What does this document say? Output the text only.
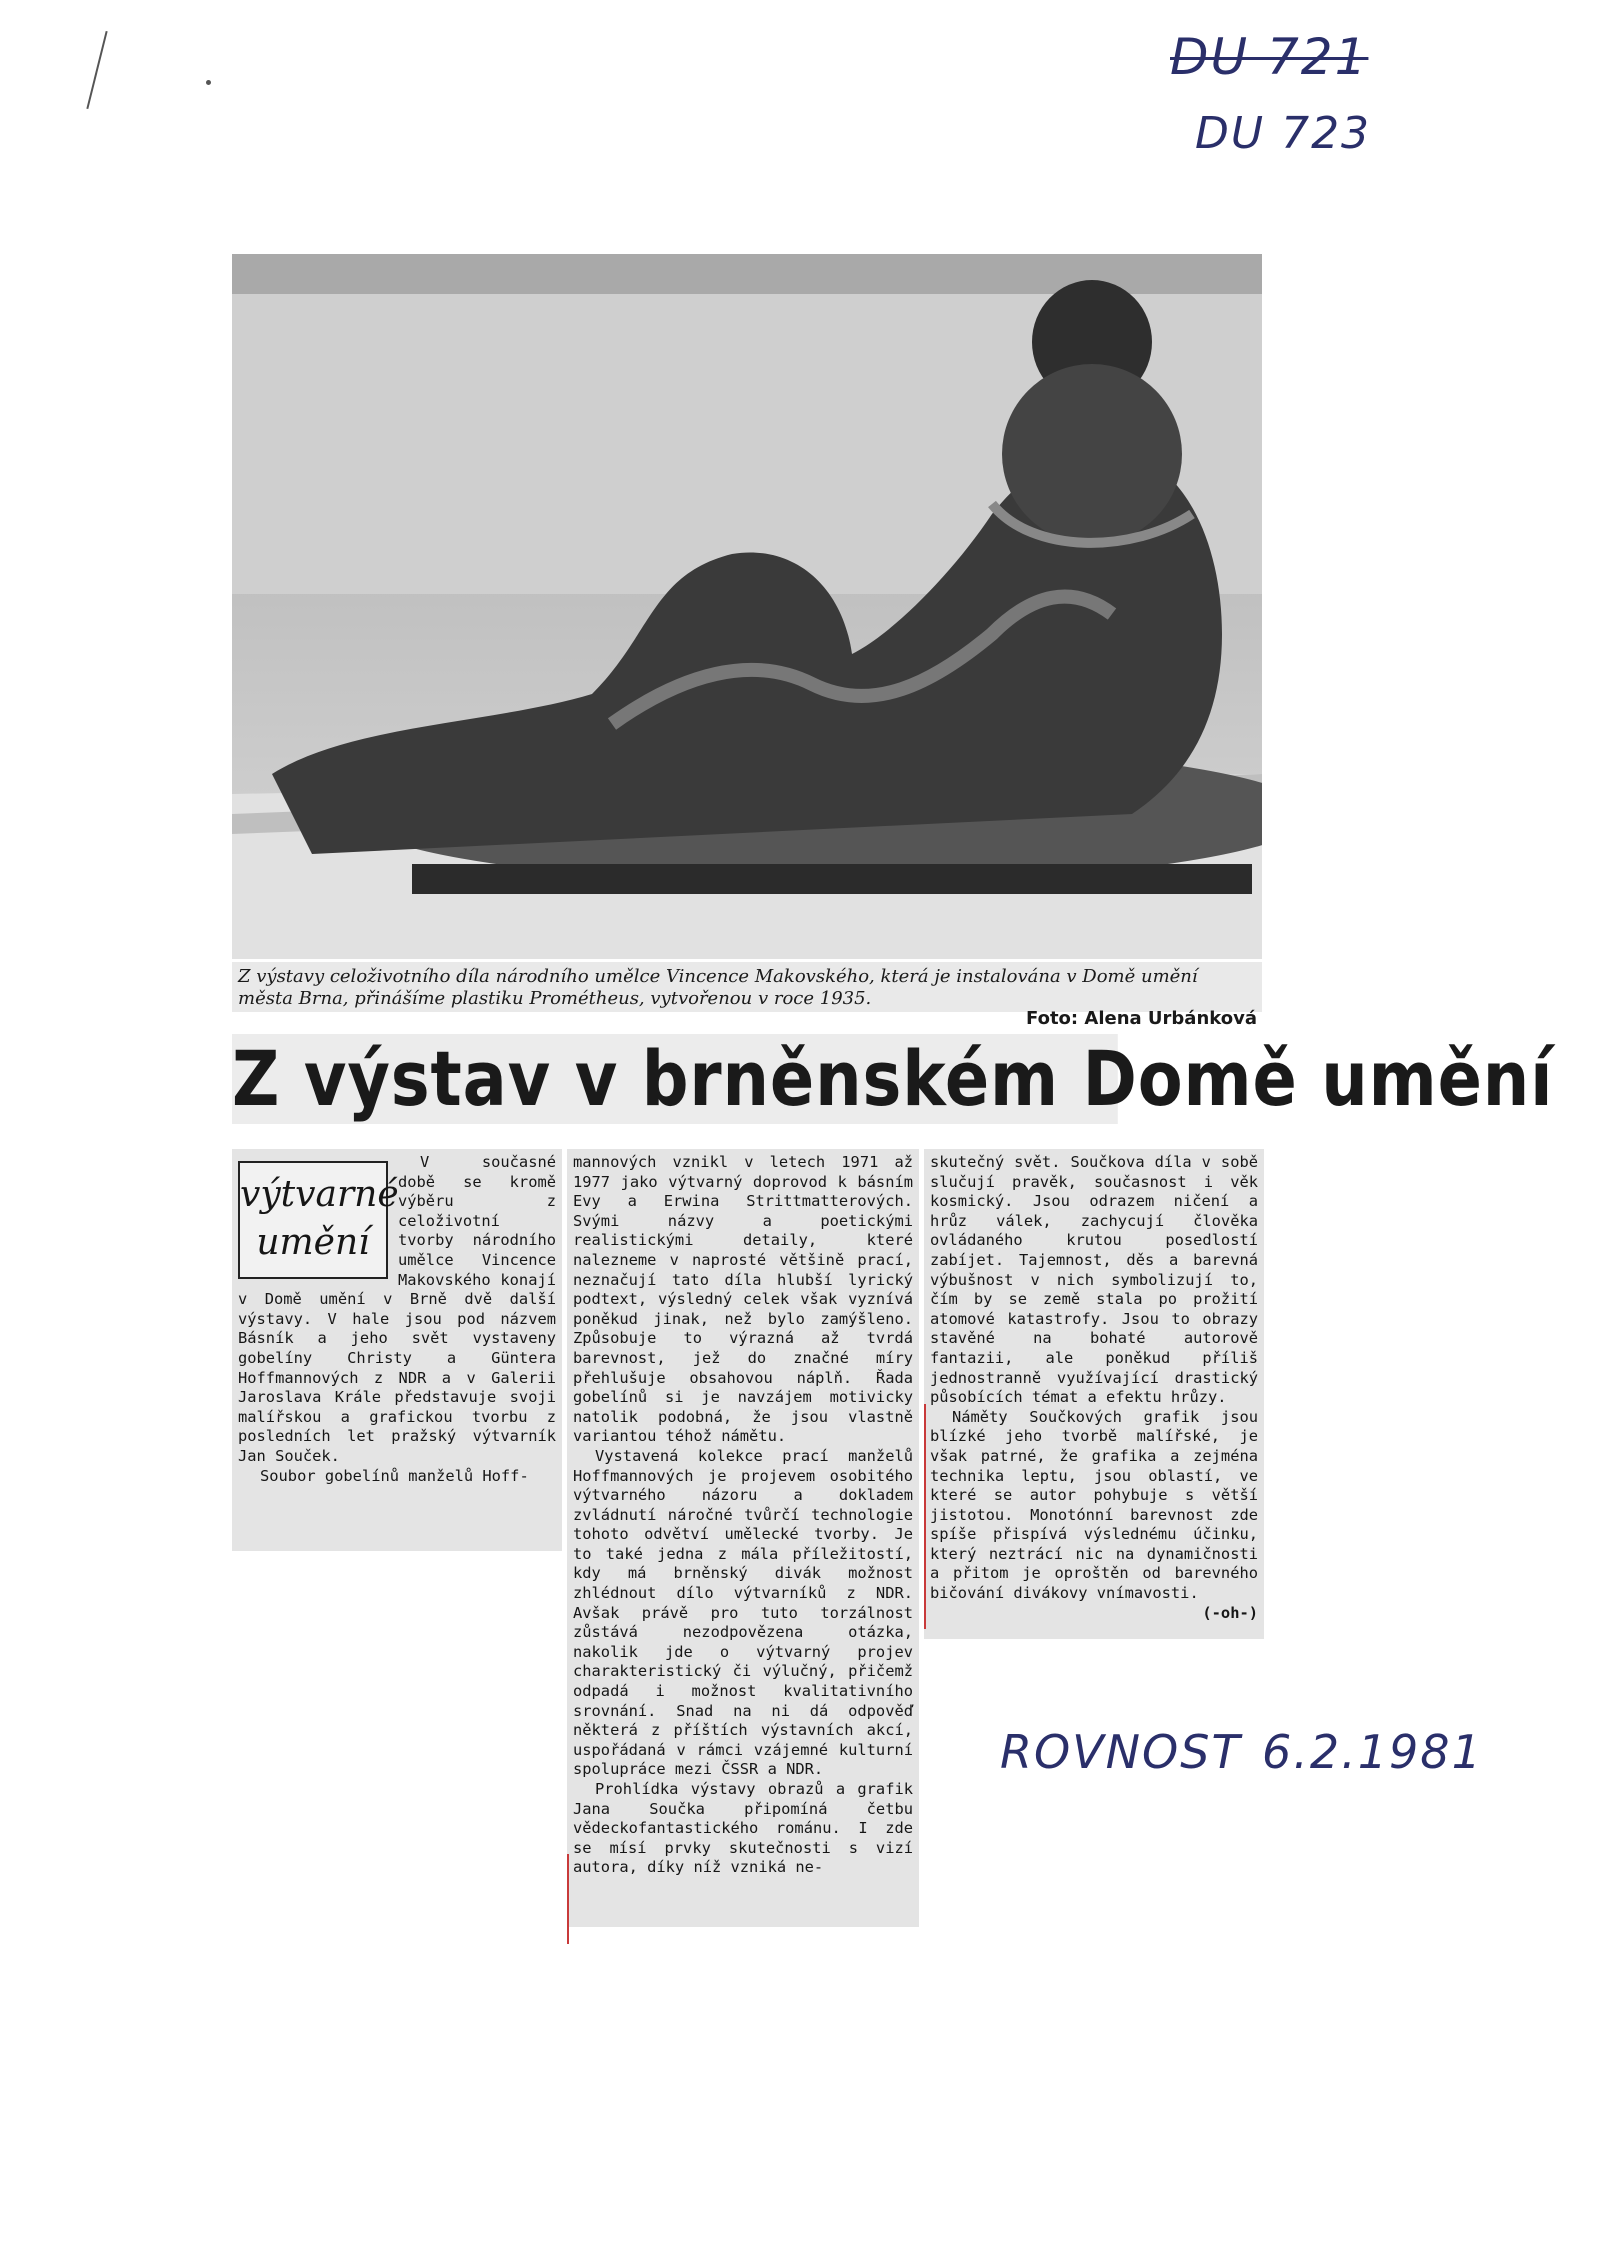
DU 721
DU 723
Z výstavy celoživotního díla národního umělce Vincence Makovského, která je instalována v Domě umění města Brna, přinášíme plastiku Prométheus, vytvořenou v roce 1935.
Foto: Alena Urbánková
Z výstav v brněnském Domě umění
výtvarné umění

V současné době se kromě výběru z celoživotní tvorby národního umělce Vincence Makovského konají v Domě umění v Brně dvě další výstavy. V hale jsou pod názvem Básník a jeho svět vystaveny gobelíny Christy a Güntera Hoffmannových z NDR a v Galerii Jaroslava Krále představuje svoji malířskou a grafickou tvorbu z posledních let pražský výtvarník Jan Souček.

Soubor gobelínů manželů Hoff-

mannových vznikl v letech 1971 až 1977 jako výtvarný doprovod k básním Evy a Erwina Strittmatterových. Svými názvy a poetickými realistickými detaily, které nalezneme v naprosté většině prací, neznačují tato díla hlubší lyrický podtext, výsledný celek však vyznívá poněkud jinak, než bylo zamýšleno. Způsobuje to výrazná až tvrdá barevnost, jež do značné míry přehlušuje obsahovou náplň. Řada gobelínů si je navzájem motivicky natolik podobná, že jsou vlastně variantou téhož námětu.

Vystavená kolekce prací manželů Hoffmannových je projevem osobitého výtvarného názoru a dokladem zvládnutí náročné tvůrčí technologie tohoto odvětví umělecké tvorby. Je to také jedna z mála příležitostí, kdy má brněnský divák možnost zhlédnout dílo výtvarníků z NDR. Avšak právě pro tuto torzálnost zůstává nezodpovězena otázka, nakolik jde o výtvarný projev charakteristický či výlučný, přičemž odpadá i možnost kvalitativního srovnání. Snad na ni dá odpověď některá z příštích výstavních akcí, uspořádaná v rámci vzájemné kulturní spolupráce mezi ČSSR a NDR.

Prohlídka výstavy obrazů a grafik Jana Součka připomíná četbu vědeckofantastického románu. I zde se mísí prvky skutečnosti s vizí autora, díky níž vzniká ne-

skutečný svět. Součkova díla v sobě slučují pravěk, současnost i věk kosmický. Jsou odrazem ničení a hrůz válek, zachycují člověka ovládaného krutou posedlostí zabíjet. Tajemnost, děs a barevná výbušnost v nich symbolizují to, čím by se země stala po prožití atomové katastrofy. Jsou to obrazy stavěné na bohaté autorově fantazii, ale poněkud příliš jednostranně využívající drastický působících témat a efektu hrůzy.

Náměty Součkových grafik jsou blízké jeho tvorbě malířské, je však patrné, že grafika a zejména technika leptu, jsou oblastí, ve které se autor pohybuje s větší jistotou. Monotónní barevnost zde spíše přispívá výslednému účinku, který neztrácí nic na dynamičnosti a přitom je oproštěn od barevného bičování divákovy vnímavosti.

(-oh-)

ROVNOST 6.2.1981
